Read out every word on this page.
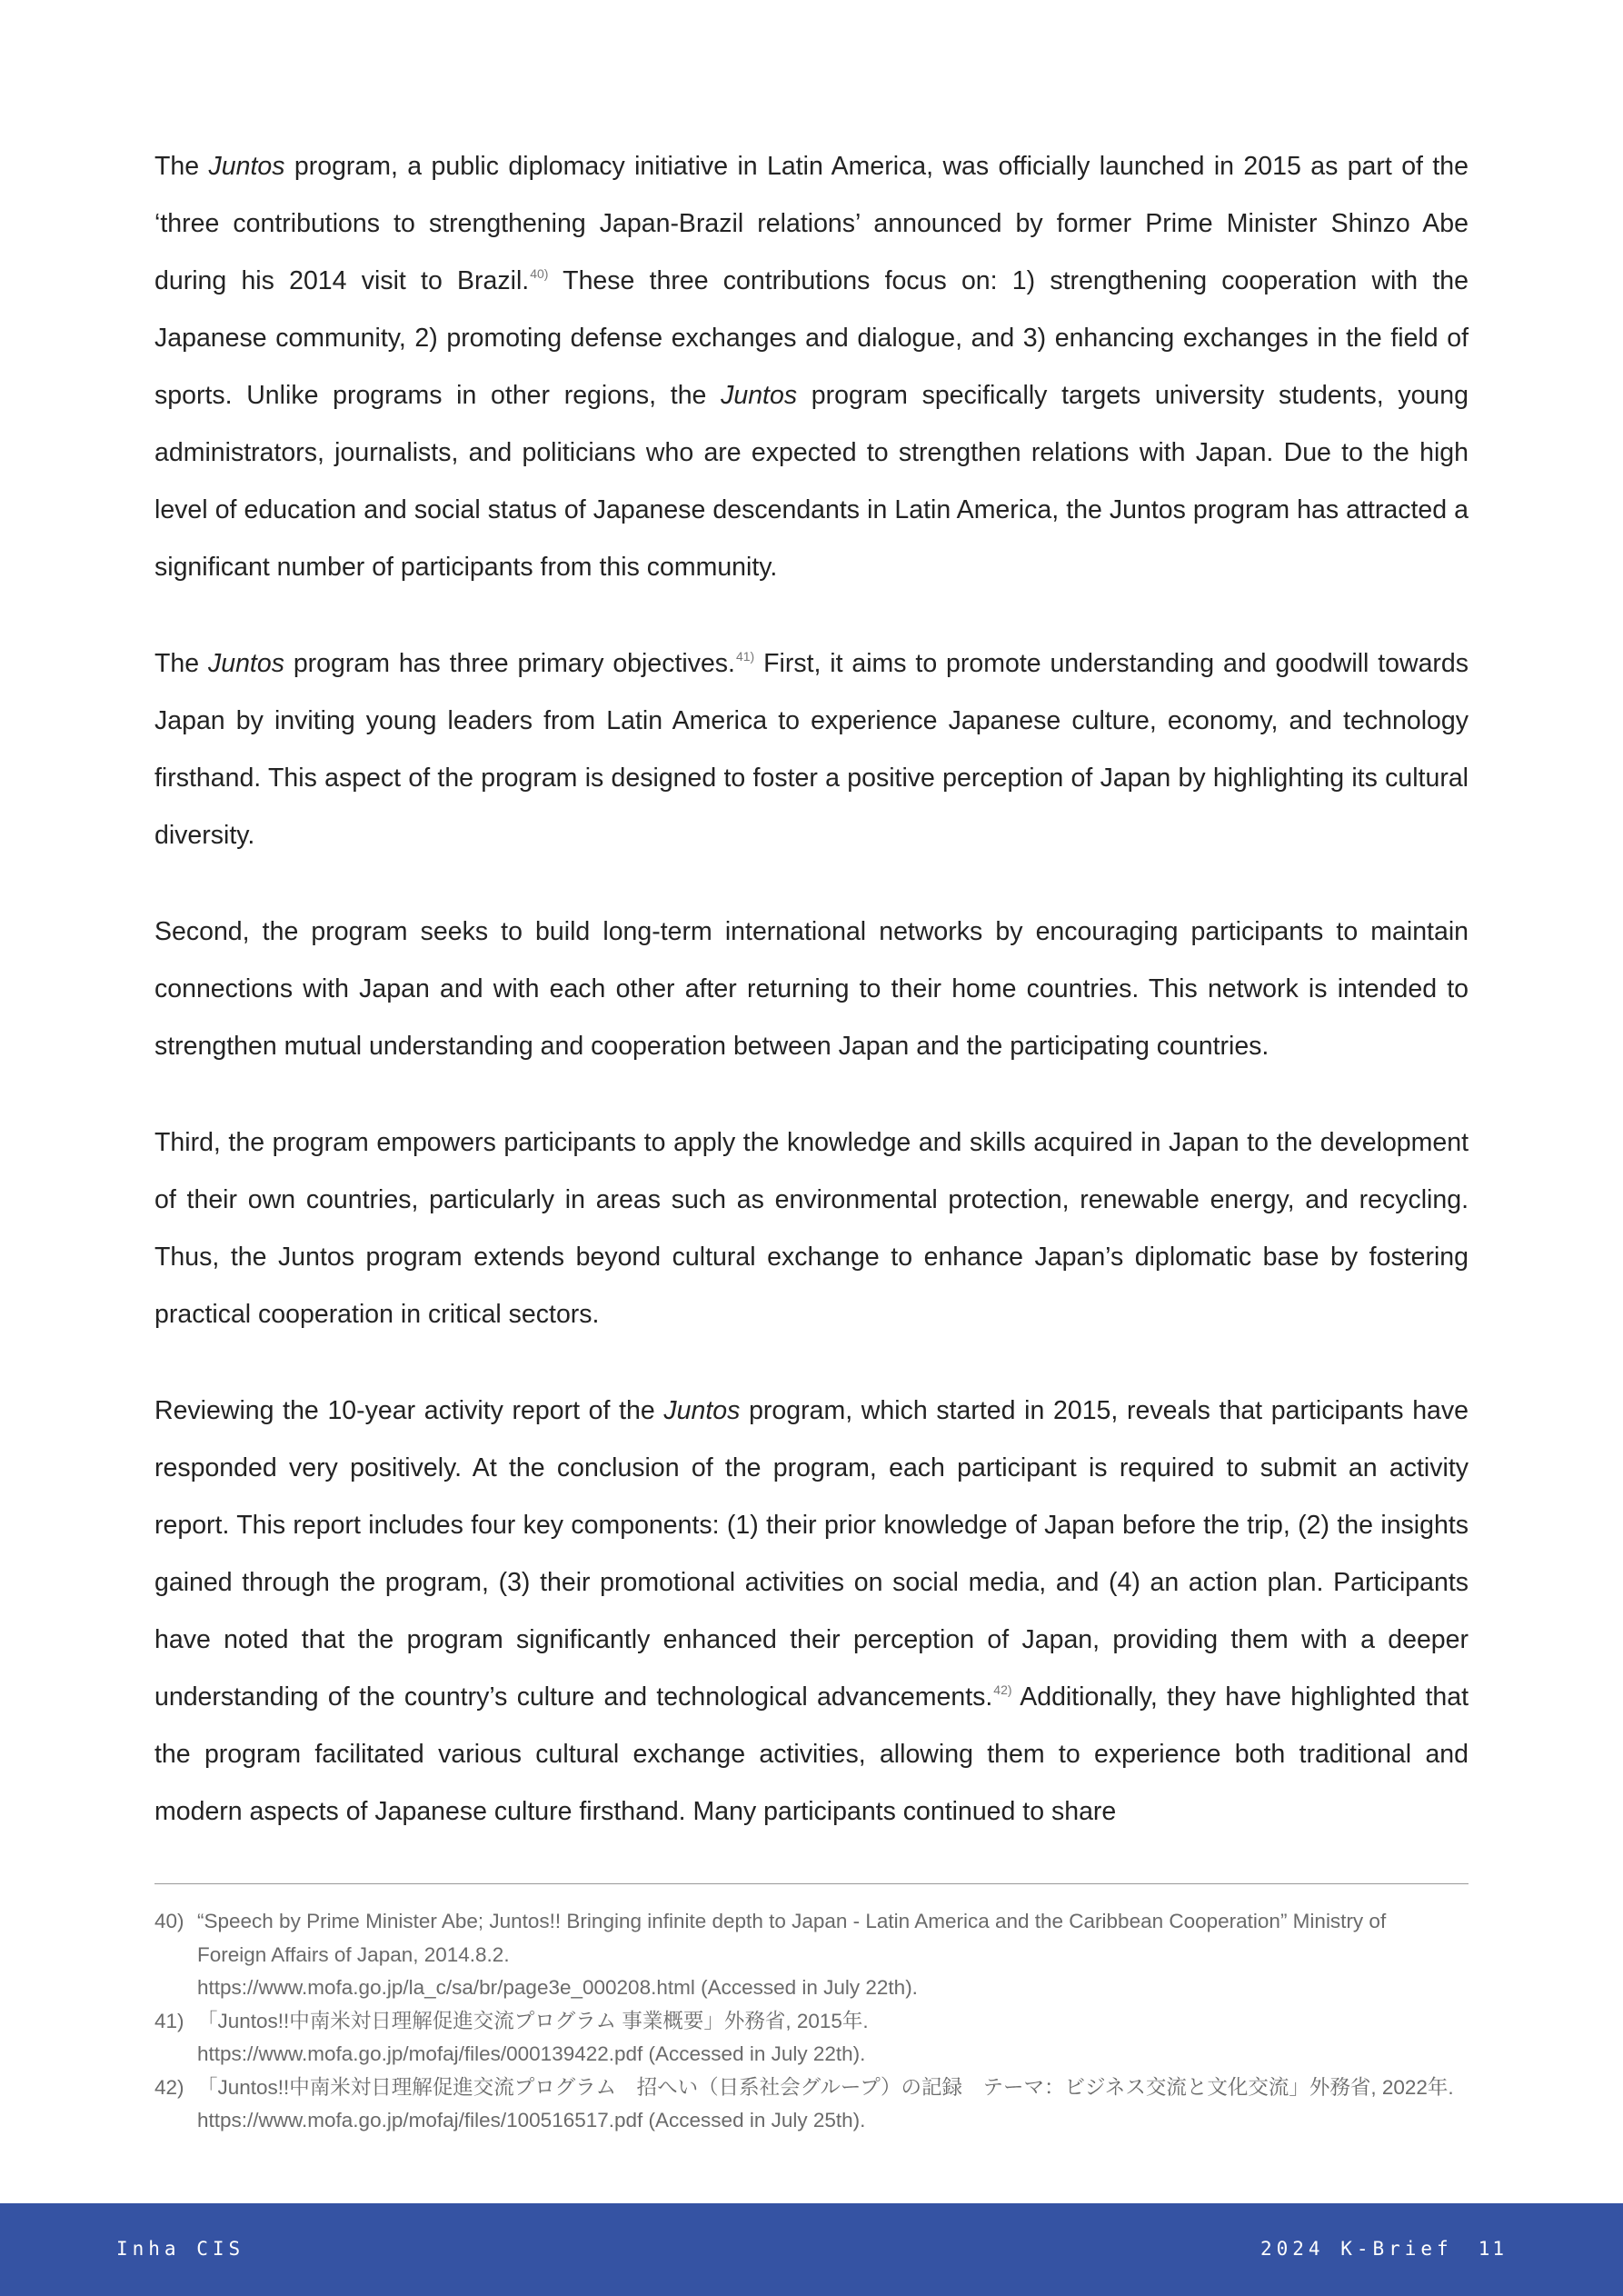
The Juntos program, a public diplomacy initiative in Latin America, was officially launched in 2015 as part of the ‘three contributions to strengthening Japan-Brazil relations’ announced by former Prime Minister Shinzo Abe during his 2014 visit to Brazil.$^{40)}$ These three contributions focus on: 1) strengthening cooperation with the Japanese community, 2) promoting defense exchanges and dialogue, and 3) enhancing exchanges in the field of sports. Unlike programs in other regions, the Juntos program specifically targets university students, young administrators, journalists, and politicians who are expected to strengthen relations with Japan. Due to the high level of education and social status of Japanese descendants in Latin America, the Juntos program has attracted a significant number of participants from this community.

The Juntos program has three primary objectives.$^{41)}$ First, it aims to promote understanding and goodwill towards Japan by inviting young leaders from Latin America to experience Japanese culture, economy, and technology firsthand. This aspect of the program is designed to foster a positive perception of Japan by highlighting its cultural diversity.

Second, the program seeks to build long-term international networks by encouraging participants to maintain connections with Japan and with each other after returning to their home countries. This network is intended to strengthen mutual understanding and cooperation between Japan and the participating countries.

Third, the program empowers participants to apply the knowledge and skills acquired in Japan to the development of their own countries, particularly in areas such as environmental protection, renewable energy, and recycling. Thus, the Juntos program extends beyond cultural exchange to enhance Japan’s diplomatic base by fostering practical cooperation in critical sectors.

Reviewing the 10-year activity report of the Juntos program, which started in 2015, reveals that participants have responded very positively. At the conclusion of the program, each participant is required to submit an activity report. This report includes four key components: (1) their prior knowledge of Japan before the trip, (2) the insights gained through the program, (3) their promotional activities on social media, and (4) an action plan. Participants have noted that the program significantly enhanced their perception of Japan, providing them with a deeper understanding of the country’s culture and technological advancements.$^{42)}$ Additionally, they have highlighted that the program facilitated various cultural exchange activities, allowing them to experience both traditional and modern aspects of Japanese culture firsthand. Many participants continued to share

40) “Speech by Prime Minister Abe; Juntos!! Bringing infinite depth to Japan - Latin America and the Caribbean Cooperation” Ministry of
Foreign Affairs of Japan, 2014.8.2.
https://www.mofa.go.jp/la_c/sa/br/page3e_000208.html (Accessed in July 22th).
41) 「Juntos!!中南米対日理解促進交流プログラム 事業概要」外務省, 2015年.
https://www.mofa.go.jp/mofaj/files/000139422.pdf (Accessed in July 22th).
42) 「Juntos!!中南米対日理解促進交流プログラム　招へい（日系社会グループ）の記録　テーマ：ビジネス交流と文化交流」外務省, 2022年.
https://www.mofa.go.jp/mofaj/files/100516517.pdf (Accessed in July 25th).
Inha CIS	2024 K-Brief 11
